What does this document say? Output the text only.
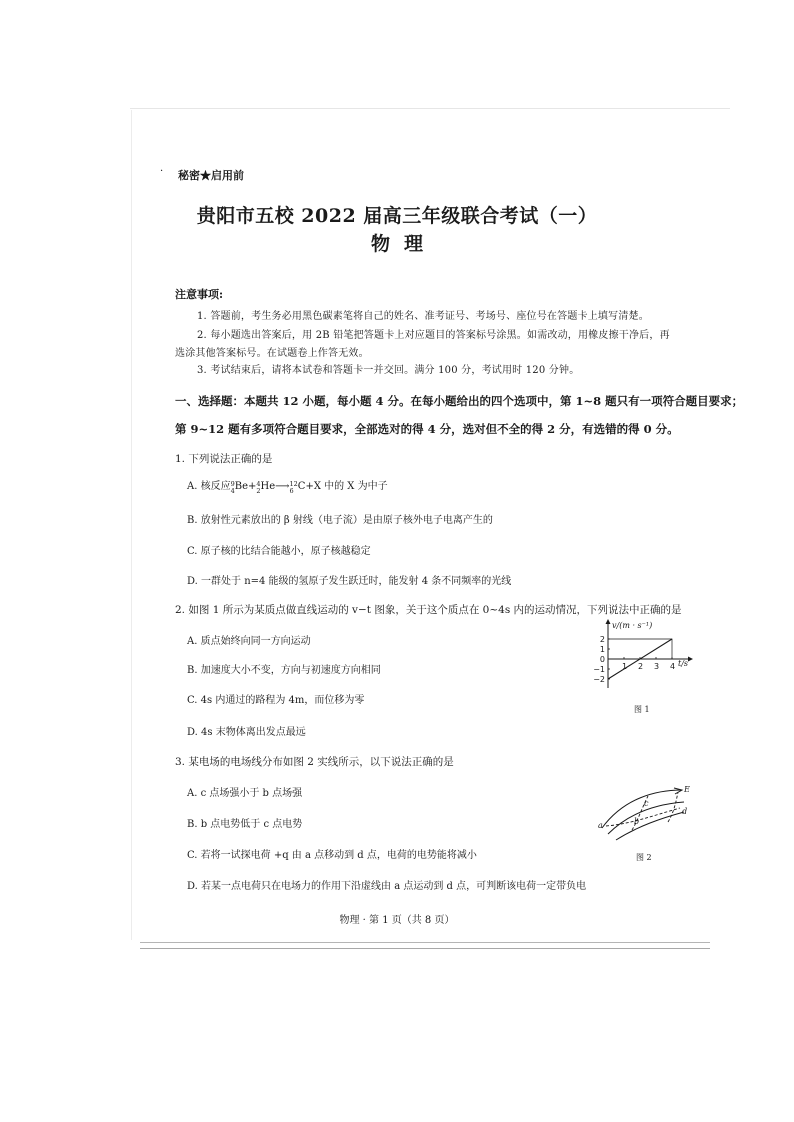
· 秘密★启用前
贵阳市五校 2022 届高三年级联合考试（一）
物理
注意事项:
1. 答题前，考生务必用黑色碳素笔将自己的姓名、准考证号、考场号、座位号在答题卡上填写清楚。
2. 每小题选出答案后，用 2B 铅笔把答题卡上对应题目的答案标号涂黑。如需改动，用橡皮擦干净后，再
选涂其他答案标号。在试题卷上作答无效。
3. 考试结束后，请将本试卷和答题卡一并交回。满分 100 分，考试用时 120 分钟。
一、选择题：本题共 12 小题，每小题 4 分。在每小题给出的四个选项中，第 1~8 题只有一项符合题目要求；
第 9~12 题有多项符合题目要求，全部选对的得 4 分，选对但不全的得 2 分，有选错的得 0 分。
1. 下列说法正确的是
A. 核反应 9
4 Be+ 4
2 He⟶ 12
6 C+X 中的 X 为中子
B. 放射性元素放出的 β 射线（电子流）是由原子核外电子电离产生的
C. 原子核的比结合能越小，原子核越稳定
D. 一群处于 n=4 能级的氢原子发生跃迁时，能发射 4 条不同频率的光线
2. 如图 1 所示为某质点做直线运动的 v−t 图象，关于这个质点在 0~4s 内的运动情况，下列说法中正确的是
A. 质点始终向同一方向运动
B. 加速度大小不变，方向与初速度方向相同
C. 4s 内通过的路程为 4m，而位移为零
D. 4s 末物体离出发点最远
v/(m · s⁻¹)
t/s
2
1
0
−1
−2
1 2 3 4
图 1
3. 某电场的电场线分布如图 2 实线所示，以下说法正确的是
A. c 点场强小于 b 点场强
B. b 点电势低于 c 点电势
C. 若将一试探电荷 +q 由 a 点移动到 d 点，电荷的电势能将减小
D. 若某一点电荷只在电场力的作用下沿虚线由 a 点运动到 d 点，可判断该电荷一定带负电
E
a	b
c
d
图 2
物理 · 第 1 页（共 8 页）
